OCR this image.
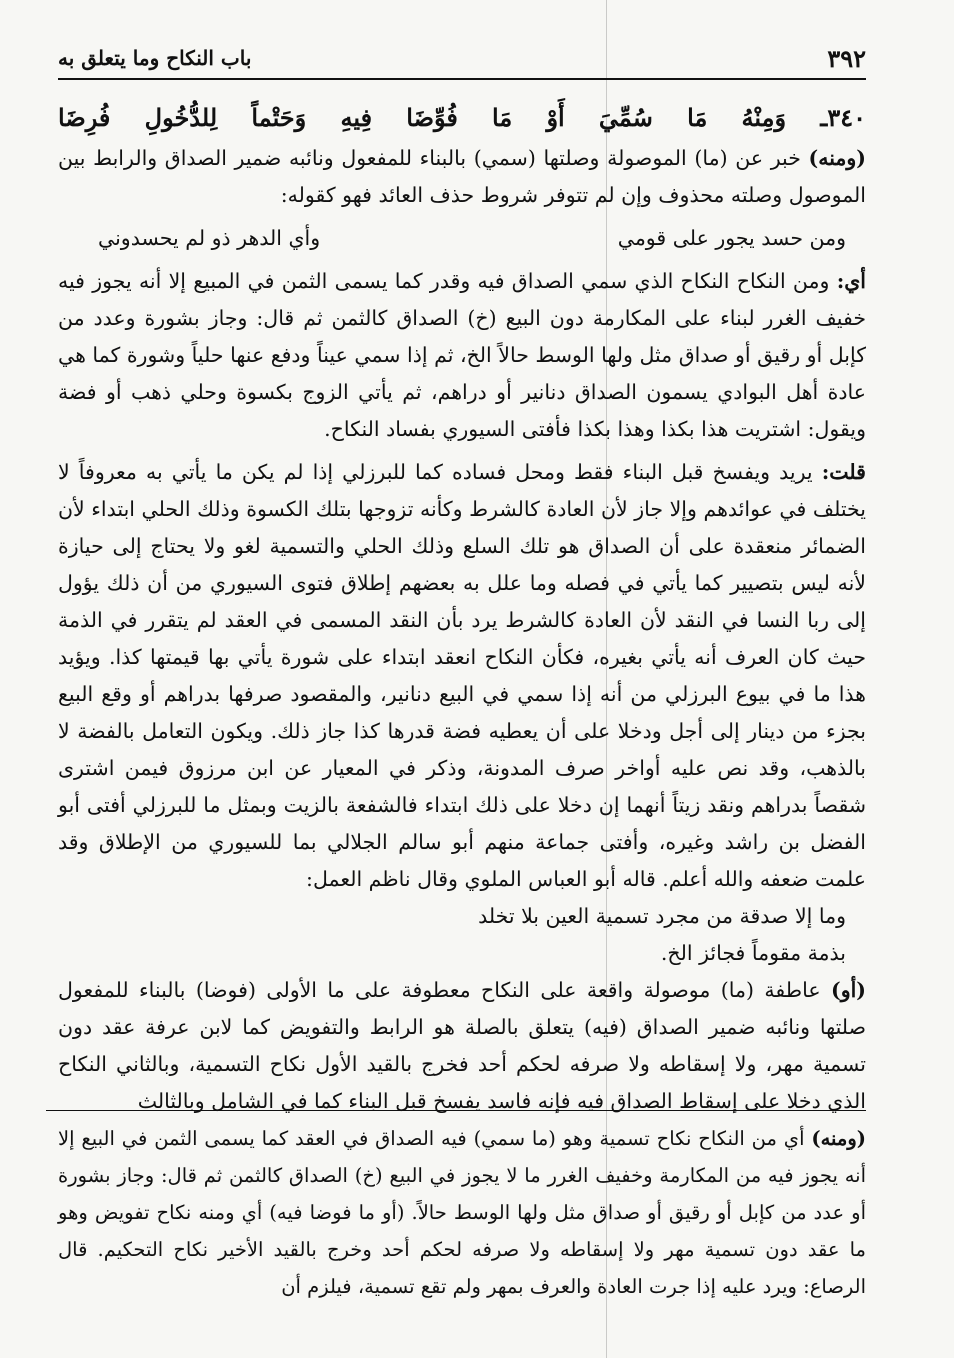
٣٩٢
باب النكاح وما يتعلق به
٣٤٠ـ وَمِنْهُ مَا سُمِّيَ أَوْ مَا فُوِّضَا فِيهِ وَحَتْماً لِلدُّخُولِ فُرِضَا

(ومنه) خبر عن (ما) الموصولة وصلتها (سمي) بالبناء للمفعول ونائبه ضمير الصداق والرابط بين الموصول وصلته محذوف وإن لم تتوفر شروط حذف العائد فهو كقوله:

ومن حسد يجور على قومي
وأي الدهر ذو لم يحسدوني

أي: ومن النكاح النكاح الذي سمي الصداق فيه وقدر كما يسمى الثمن في المبيع إلا أنه يجوز فيه خفيف الغرر لبناء على المكارمة دون البيع (خ) الصداق كالثمن ثم قال: وجاز بشورة وعدد من كإبل أو رقيق أو صداق مثل ولها الوسط حالاً الخ، ثم إذا سمي عيناً ودفع عنها حلياً وشورة كما هي عادة أهل البوادي يسمون الصداق دنانير أو دراهم، ثم يأتي الزوج بكسوة وحلي ذهب أو فضة ويقول: اشتريت هذا بكذا وهذا بكذا فأفتى السيوري بفساد النكاح.

قلت: يريد ويفسخ قبل البناء فقط ومحل فساده كما للبرزلي إذا لم يكن ما يأتي به معروفاً لا يختلف في عوائدهم وإلا جاز لأن العادة كالشرط وكأنه تزوجها بتلك الكسوة وذلك الحلي ابتداء لأن الضمائر منعقدة على أن الصداق هو تلك السلع وذلك الحلي والتسمية لغو ولا يحتاج إلى حيازة لأنه ليس بتصيير كما يأتي في فصله وما علل به بعضهم إطلاق فتوى السيوري من أن ذلك يؤول إلى ربا النسا في النقد لأن العادة كالشرط يرد بأن النقد المسمى في العقد لم يتقرر في الذمة حيث كان العرف أنه يأتي بغيره، فكأن النكاح انعقد ابتداء على شورة يأتي بها قيمتها كذا. ويؤيد هذا ما في بيوع البرزلي من أنه إذا سمي في البيع دنانير، والمقصود صرفها بدراهم أو وقع البيع بجزء من دينار إلى أجل ودخلا على أن يعطيه فضة قدرها كذا جاز ذلك. ويكون التعامل بالفضة لا بالذهب، وقد نص عليه أواخر صرف المدونة، وذكر في المعيار عن ابن مرزوق فيمن اشترى شقصاً بدراهم ونقد زيتاً أنهما إن دخلا على ذلك ابتداء فالشفعة بالزيت وبمثل ما للبرزلي أفتى أبو الفضل بن راشد وغيره، وأفتى جماعة منهم أبو سالم الجلالي بما للسيوري من الإطلاق وقد علمت ضعفه والله أعلم. قاله أبو العباس الملوي وقال ناظم العمل:

وما إلا صدقة من مجرد تسمية العين بلا تخلد
بذمة مقوماً فجائز الخ.

(أو) عاطفة (ما) موصولة واقعة على النكاح معطوفة على ما الأولى (فوضا) بالبناء للمفعول صلتها ونائبه ضمير الصداق (فيه) يتعلق بالصلة هو الرابط والتفويض كما لابن عرفة عقد دون تسمية مهر، ولا إسقاطه ولا صرفه لحكم أحد فخرج بالقيد الأول نكاح التسمية، وبالثاني النكاح الذي دخلا على إسقاط الصداق فيه فإنه فاسد يفسخ قبل البناء كما في الشامل وبالثالث

(ومنه) أي من النكاح نكاح تسمية وهو (ما سمي) فيه الصداق في العقد كما يسمى الثمن في البيع إلا أنه يجوز فيه من المكارمة وخفيف الغرر ما لا يجوز في البيع (خ) الصداق كالثمن ثم قال: وجاز بشورة أو عدد من كإبل أو رقيق أو صداق مثل ولها الوسط حالاً. (أو ما فوضا فيه) أي ومنه نكاح تفويض وهو ما عقد دون تسمية مهر ولا إسقاطه ولا صرفه لحكم أحد وخرج بالقيد الأخير نكاح التحكيم. قال الرصاع: ويرد عليه إذا جرت العادة والعرف بمهر ولم تقع تسمية، فيلزم أن
